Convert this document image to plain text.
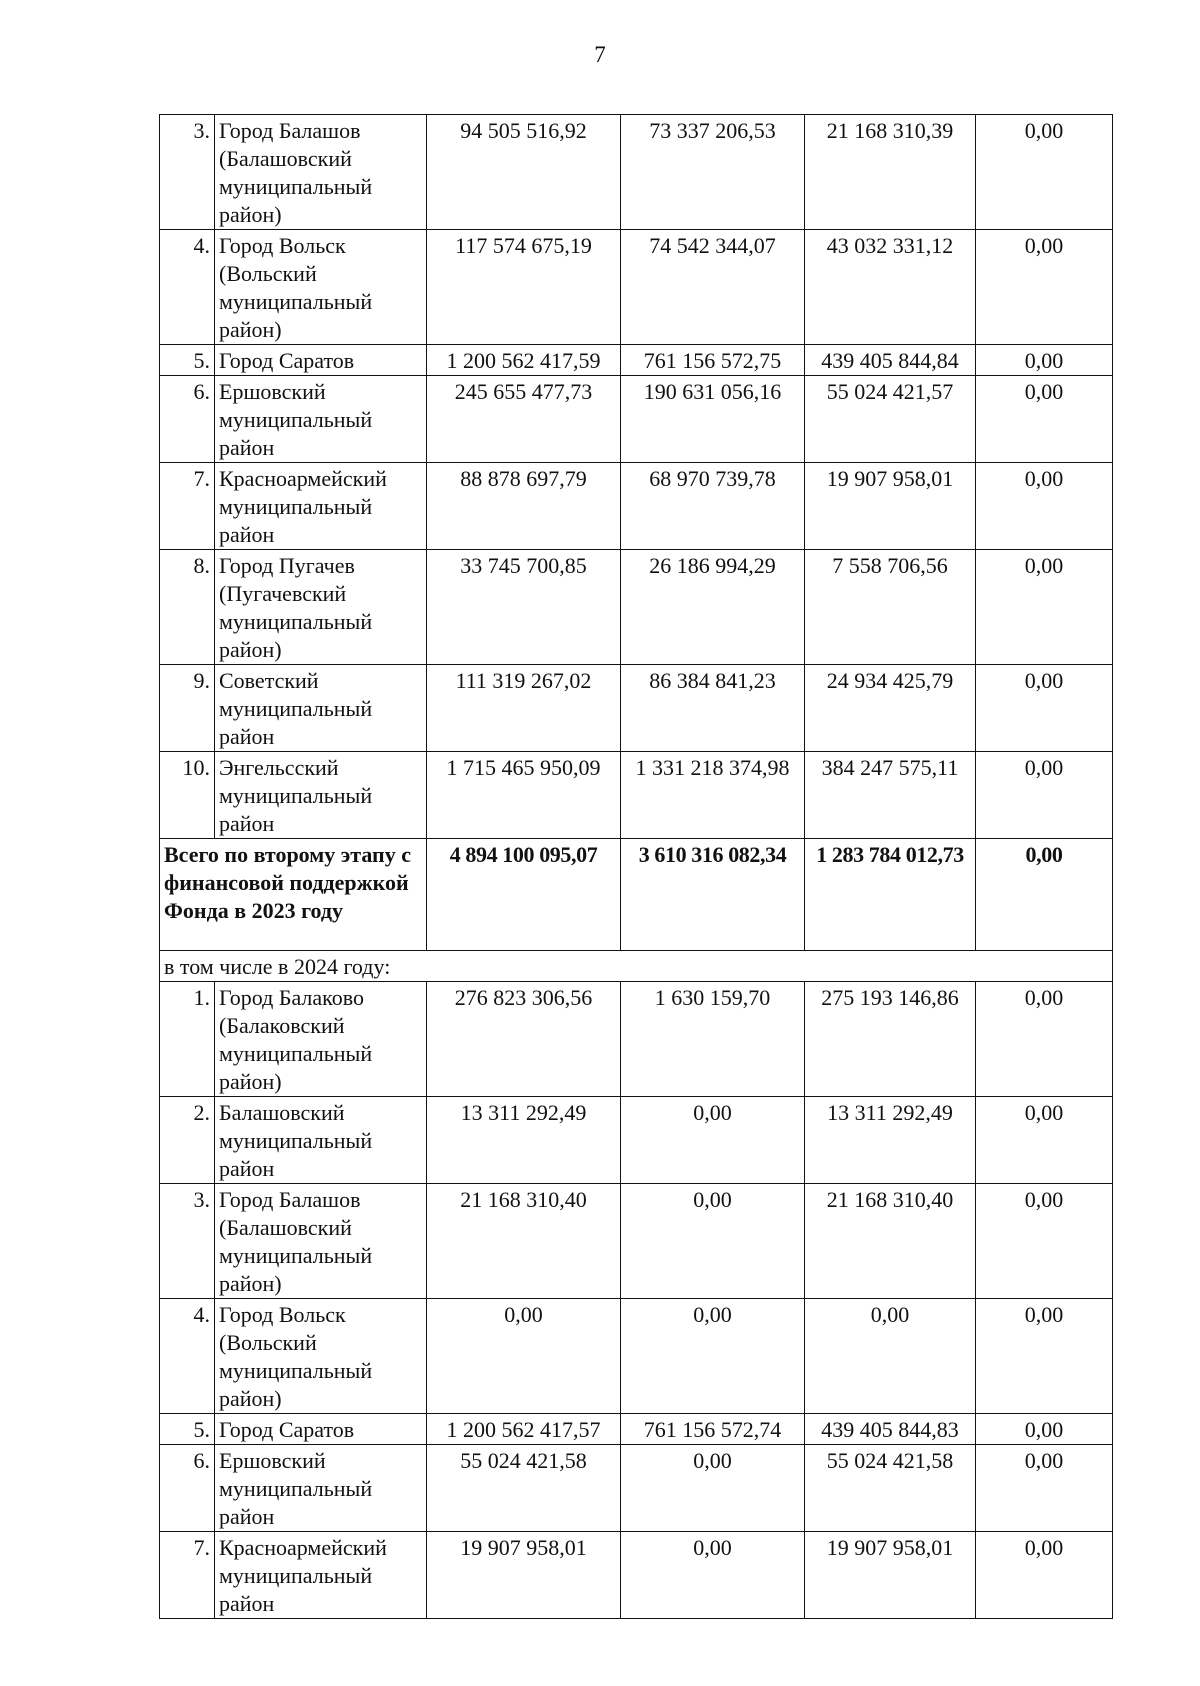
7
3.	Город Балашов (Балашовский муниципальный район)	94 505 516,92	73 337 206,53	21 168 310,39	0,00
4.	Город Вольск (Вольский муниципальный район)	117 574 675,19	74 542 344,07	43 032 331,12	0,00
5.	Город Саратов	1 200 562 417,59	761 156 572,75	439 405 844,84	0,00
6.	Ершовский муниципальный район	245 655 477,73	190 631 056,16	55 024 421,57	0,00
7.	Красноармейский муниципальный район	88 878 697,79	68 970 739,78	19 907 958,01	0,00
8.	Город Пугачев (Пугачевский муниципальный район)	33 745 700,85	26 186 994,29	7 558 706,56	0,00
9.	Советский муниципальный район	111 319 267,02	86 384 841,23	24 934 425,79	0,00
10.	Энгельсский муниципальный район	1 715 465 950,09	1 331 218 374,98	384 247 575,11	0,00
Всего по второму этапу с финансовой поддержкой Фонда в 2023 году		4 894 100 095,07	3 610 316 082,34	1 283 784 012,73	0,00
в том числе в 2024 году:					
1.	Город Балаково (Балаковский муниципальный район)	276 823 306,56	1 630 159,70	275 193 146,86	0,00
2.	Балашовский муниципальный район	13 311 292,49	0,00	13 311 292,49	0,00
3.	Город Балашов (Балашовский муниципальный район)	21 168 310,40	0,00	21 168 310,40	0,00
4.	Город Вольск (Вольский муниципальный район)	0,00	0,00	0,00	0,00
5.	Город Саратов	1 200 562 417,57	761 156 572,74	439 405 844,83	0,00
6.	Ершовский муниципальный район	55 024 421,58	0,00	55 024 421,58	0,00
7.	Красноармейский муниципальный район	19 907 958,01	0,00	19 907 958,01	0,00
